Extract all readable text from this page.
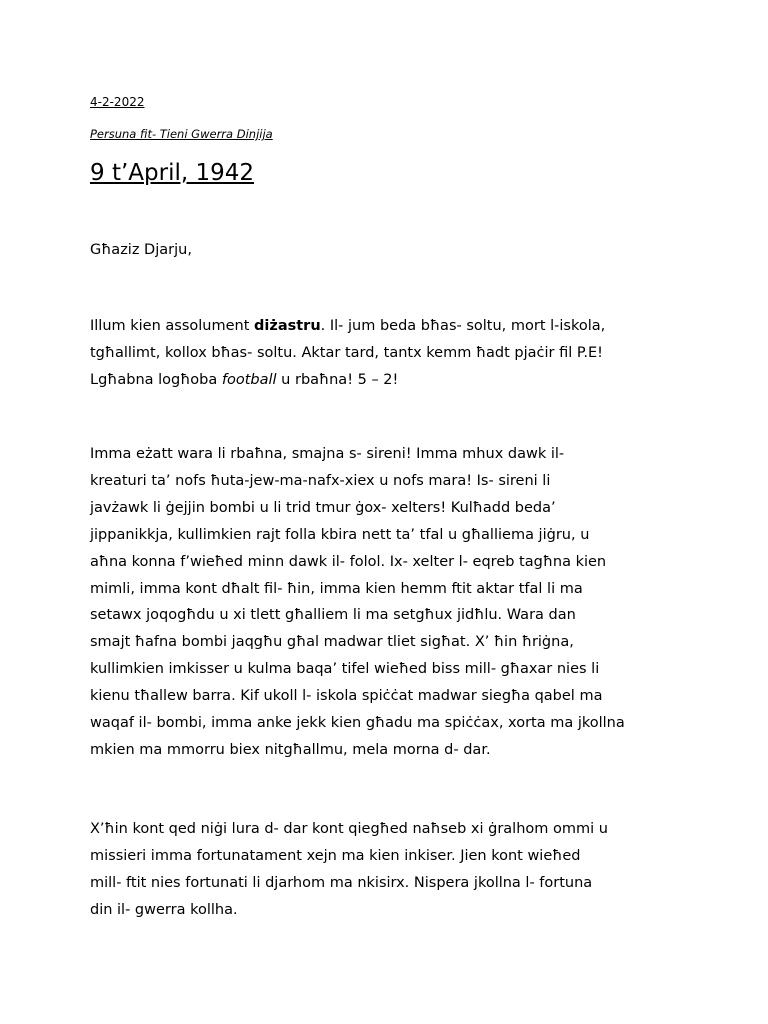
4-2-2022
Persuna fit- Tieni Gwerra Dinjija
9 t’April, 1942
Għaziz Djarju,
Illum kien assolument diżastru. Il- jum beda bħas- soltu, mort l-iskola,
tgħallimt, kollox bħas- soltu. Aktar tard, tantx kemm ħadt pjaċir fil P.E!
Lgħabna logħoba football u rbaħna! 5 – 2!
Imma eżatt wara li rbaħna, smajna s- sireni! Imma mhux dawk il-
kreaturi ta’ nofs ħuta-jew-ma-nafx-xiex u nofs mara! Is- sireni li
javżawk li ġejjin bombi u li trid tmur ġox- xelters! Kulħadd beda’
jippanikkja, kullimkien rajt folla kbira nett ta’ tfal u għalliema jiġru, u
aħna konna f’wieħed minn dawk il- folol. Ix- xelter l- eqreb tagħna kien
mimli, imma kont dħalt fil- ħin, imma kien hemm ftit aktar tfal li ma
setawx joqogħdu u xi tlett għalliem li ma setgħux jidħlu. Wara dan
smajt ħafna bombi jaqgħu għal madwar tliet sigħat. X’ ħin ħriġna,
kullimkien imkisser u kulma baqa’ tifel wieħed biss mill- għaxar nies li
kienu tħallew barra. Kif ukoll l- iskola spiċċat madwar siegħa qabel ma
waqaf il- bombi, imma anke jekk kien għadu ma spiċċax, xorta ma jkollna
mkien ma mmorru biex nitgħallmu, mela morna d- dar.
X’ħin kont qed niġi lura d- dar kont qiegħed naħseb xi ġralhom ommi u
missieri imma fortunatament xejn ma kien inkiser. Jien kont wieħed
mill- ftit nies fortunati li djarhom ma nkisirx. Nispera jkollna l- fortuna
din il- gwerra kollha.
